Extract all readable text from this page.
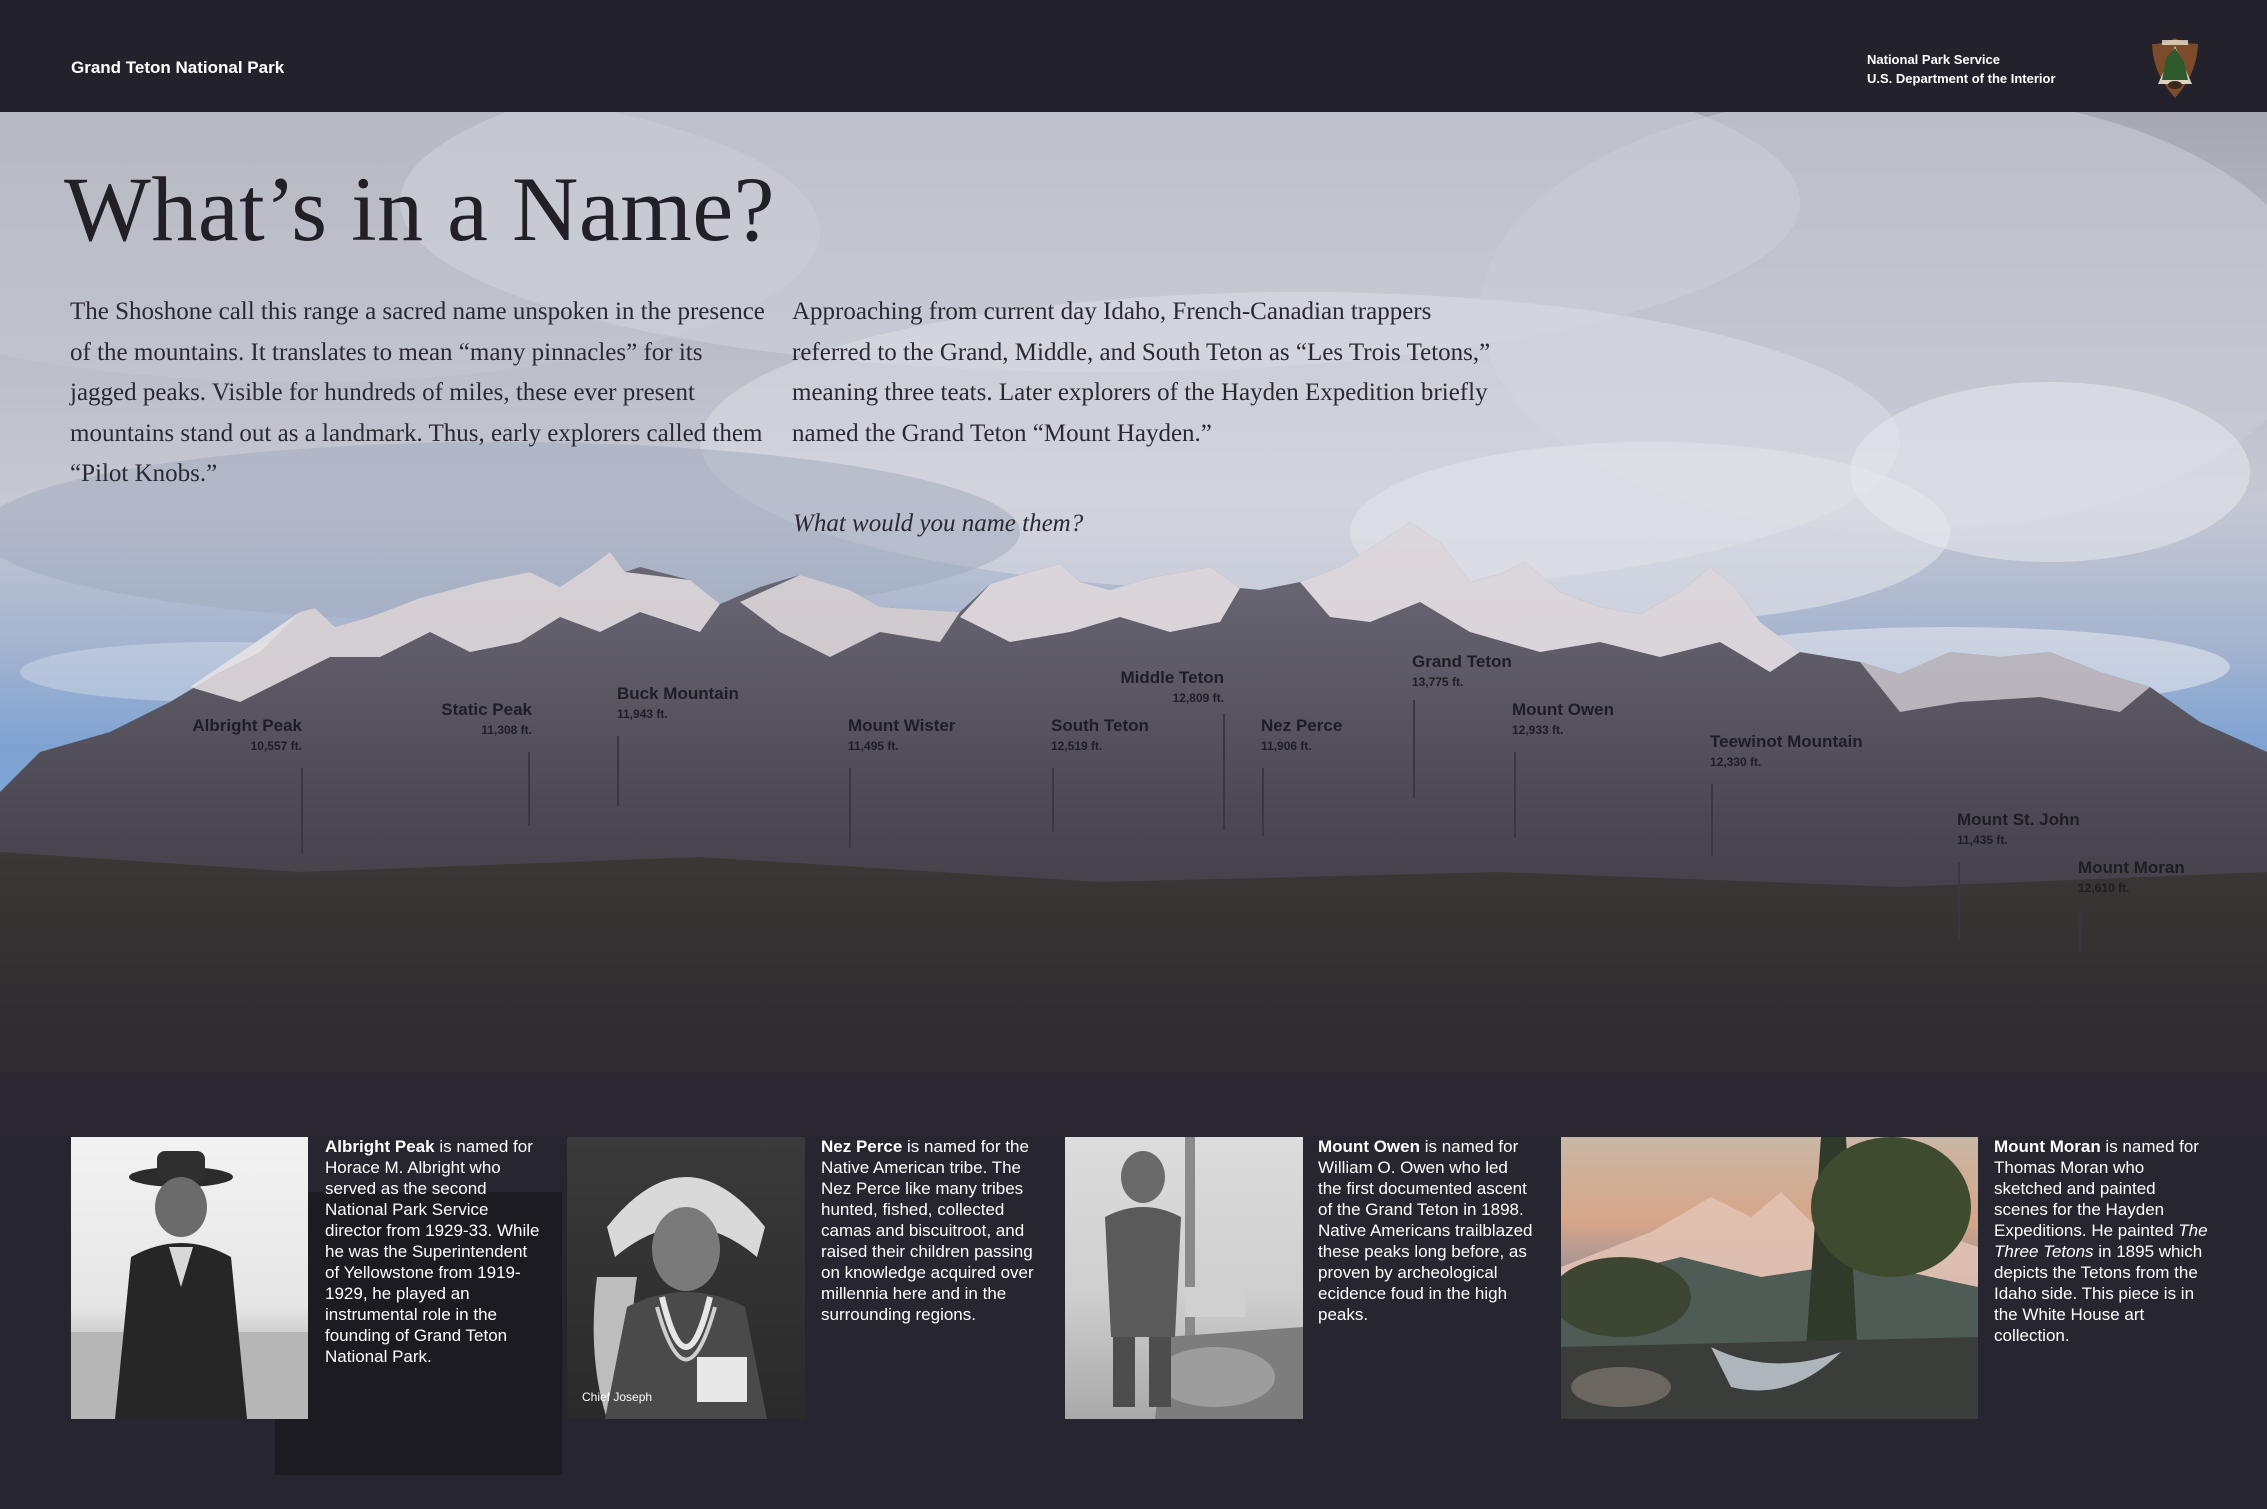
Grand Teton National Park	National Park Service
U.S. Department of the Interior
What’s in a Name?
The Shoshone call this range a sacred name unspoken in the presence of the mountains. It translates to mean “many pinnacles” for its jagged peaks. Visible for hundreds of miles, these ever present mountains stand out as a landmark. Thus, early explorers called them “Pilot Knobs.”
Approaching from current day Idaho, French-Canadian trappers referred to the Grand, Middle, and South Teton as “Les Trois Tetons,” meaning three teats. Later explorers of the Hayden Expedition briefly named the Grand Teton “Mount Hayden.”
What would you name them?
Albright Peak
10,557 ft.
Static Peak
11,308 ft.
Buck Mountain
11,943 ft.
Mount Wister
11,495 ft.
South Teton
12,519 ft.
Middle Teton
12,809 ft.
Nez Perce
11,906 ft.
Grand Teton
13,775 ft.
Mount Owen
12,933 ft.
Teewinot Mountain
12,330 ft.
Mount St. John
11,435 ft.
Mount Moran
12,610 ft.
Albright Peak is named for Horace M. Albright who served as the second National Park Service director from 1929-33. While he was the Superintendent of Yellowstone from 1919-1929, he played an instrumental role in the founding of Grand Teton National Park.
Chief Joseph
Nez Perce is named for the Native American tribe. The Nez Perce like many tribes hunted, fished, collected camas and biscuitroot, and raised their children passing on knowledge acquired over millennia here and in the surrounding regions.
Mount Owen is named for William O. Owen who led the first documented ascent of the Grand Teton in 1898. Native Americans trailblazed these peaks long before, as proven by archeological ecidence foud in the high peaks.
Mount Moran is named for Thomas Moran who sketched and painted scenes for the Hayden Expeditions. He painted The Three Tetons in 1895 which depicts the Tetons from the Idaho side. This piece is in the White House art collection.
